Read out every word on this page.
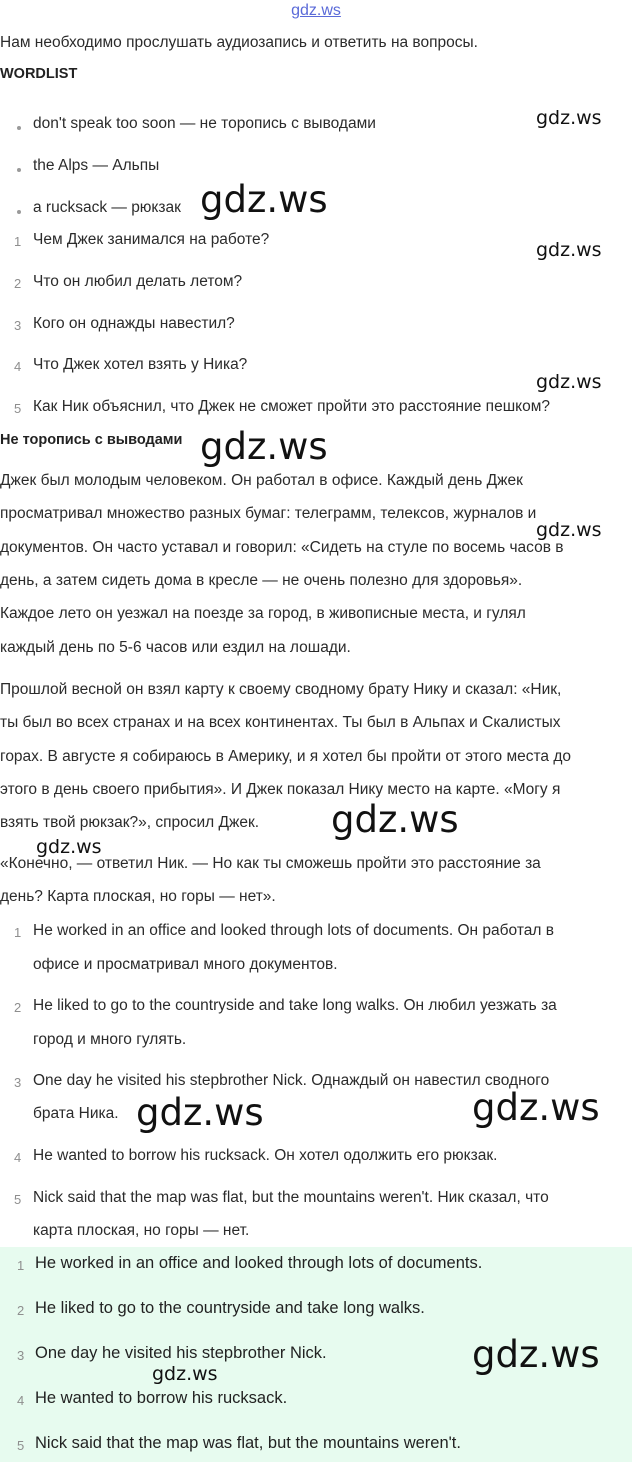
gdz.ws
Нам необходимо прослушать аудиозапись и ответить на вопросы.
WORDLIST
don't speak too soon — не торопись с выводами
the Alps — Альпы
a rucksack — рюкзак
1 Чем Джек занимался на работе?
2 Что он любил делать летом?
3 Кого он однажды навестил?
4 Что Джек хотел взять у Ника?
5 Как Ник объяснил, что Джек не сможет пройти это расстояние пешком?
Не торопись с выводами
Джек был молодым человеком. Он работал в офисе. Каждый день Джек
просматривал множество разных бумаг: телеграмм, телексов, журналов и
документов. Он часто уставал и говорил: «Сидеть на стуле по восемь часов в
день, а затем сидеть дома в кресле — не очень полезно для здоровья».
Каждое лето он уезжал на поезде за город, в живописные места, и гулял
каждый день по 5-6 часов или ездил на лошади.
Прошлой весной он взял карту к своему сводному брату Нику и сказал: «Ник,
ты был во всех странах и на всех континентах. Ты был в Альпах и Скалистых
горах. В августе я собираюсь в Америку, и я хотел бы пройти от этого места до
этого в день своего прибытия». И Джек показал Нику место на карте. «Могу я
взять твой рюкзак?», спросил Джек.
«Конечно, — ответил Ник. — Но как ты сможешь пройти это расстояние за
день? Карта плоская, но горы — нет».
1 He worked in an office and looked through lots of documents. Он работал в
офисе и просматривал много документов.
2 He liked to go to the countryside and take long walks. Он любил уезжать за
город и много гулять.
3 One day he visited his stepbrother Nick. Однаждый он навестил сводного
брата Ника.
4 He wanted to borrow his rucksack. Он хотел одолжить его рюкзак.
5 Nick said that the map was flat, but the mountains weren't. Ник сказал, что
карта плоская, но горы — нет.
1 He worked in an office and looked through lots of documents.
2 He liked to go to the countryside and take long walks.
3 One day he visited his stepbrother Nick.
4 He wanted to borrow his rucksack.
5 Nick said that the map was flat, but the mountains weren't.
gdz.ws
gdz.ws
gdz.ws
gdz.ws
gdz.ws
gdz.ws
gdz.ws
gdz.ws
gdz.ws	gdz.ws
gdz.ws
gdz.ws
